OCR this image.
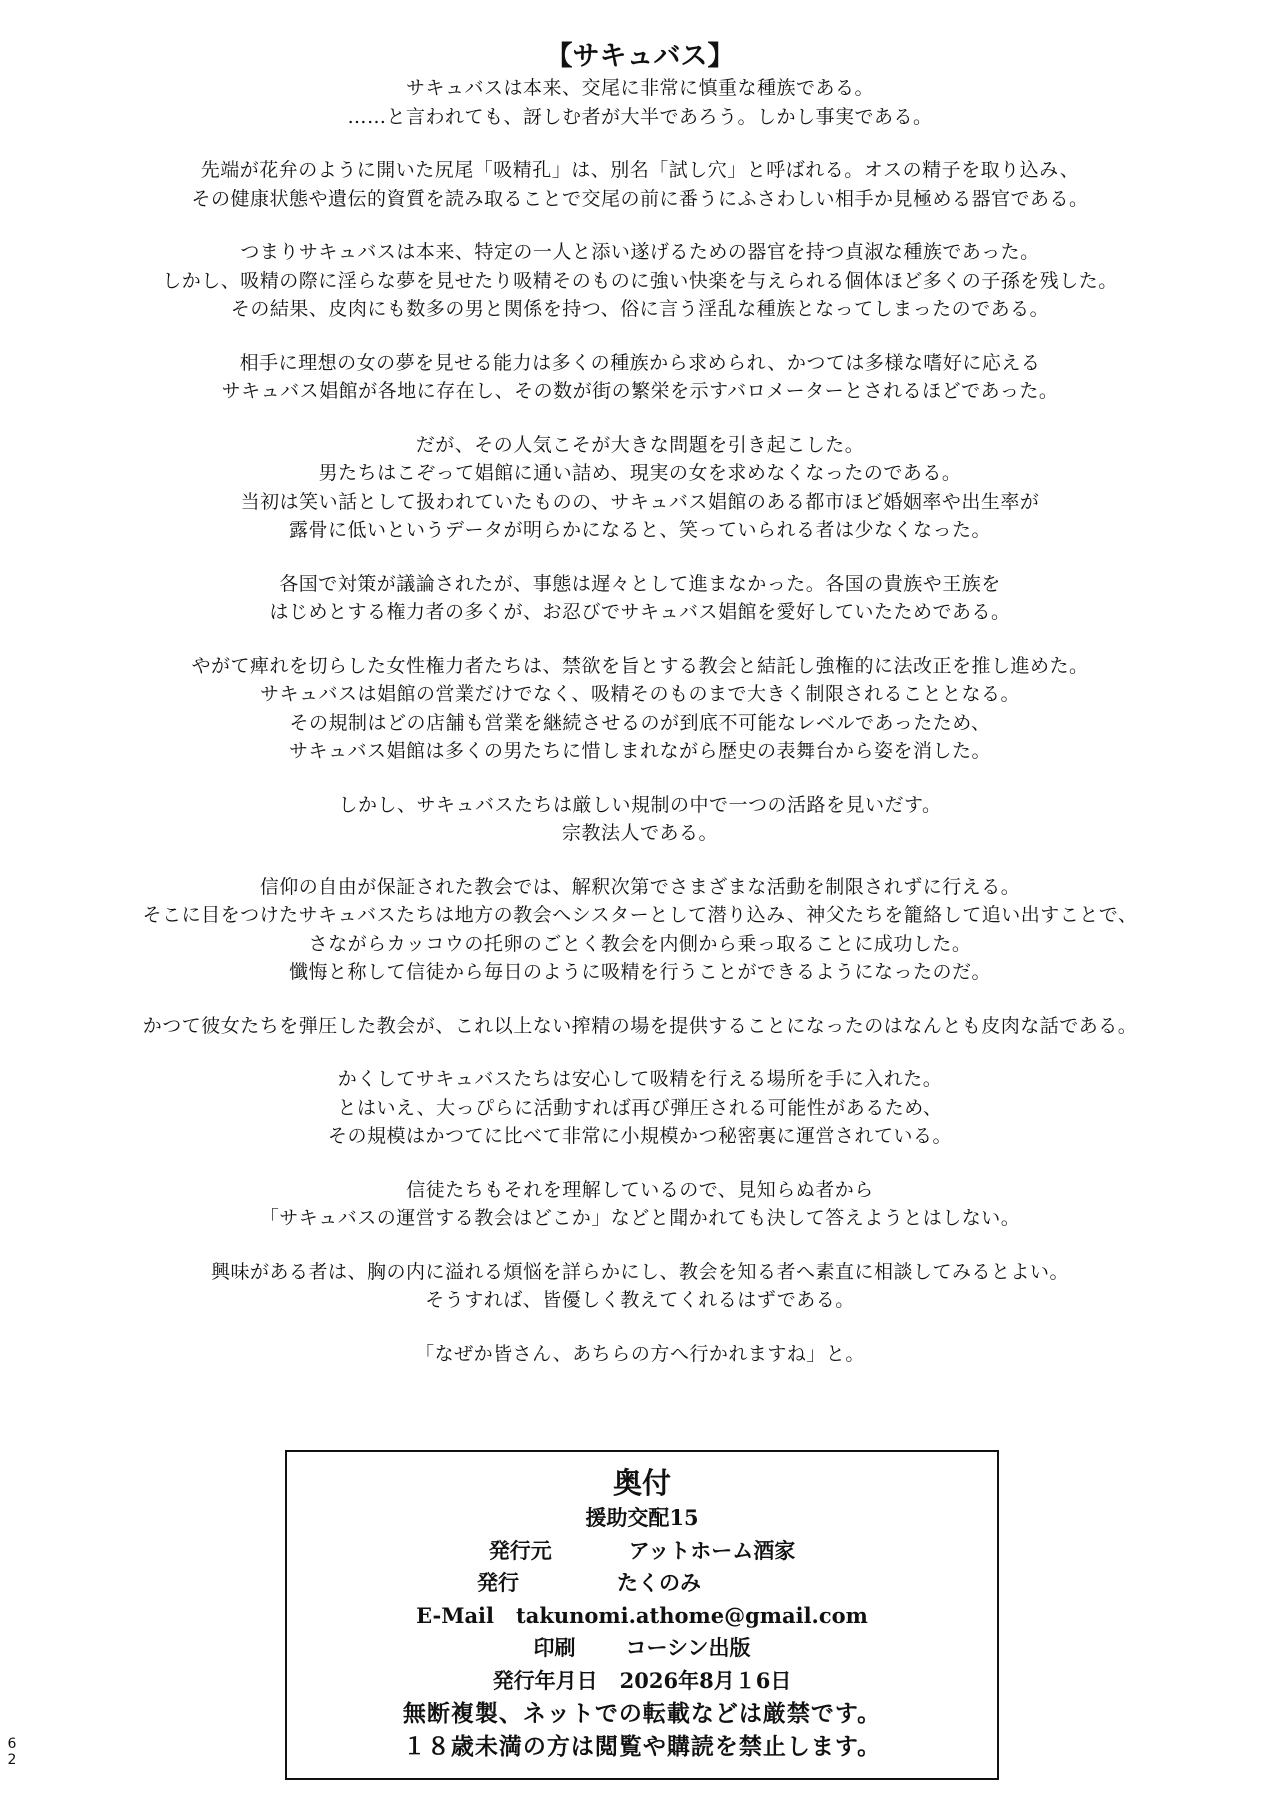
【サキュバス】
サキュバスは本来、交尾に非常に慎重な種族である。
……と言われても、訝しむ者が大半であろう。しかし事実である。
先端が花弁のように開いた尻尾「吸精孔」は、別名「試し穴」と呼ばれる。オスの精子を取り込み、
その健康状態や遺伝的資質を読み取ることで交尾の前に番うにふさわしい相手か見極める器官である。
つまりサキュバスは本来、特定の一人と添い遂げるための器官を持つ貞淑な種族であった。
しかし、吸精の際に淫らな夢を見せたり吸精そのものに強い快楽を与えられる個体ほど多くの子孫を残した。
その結果、皮肉にも数多の男と関係を持つ、俗に言う淫乱な種族となってしまったのである。
相手に理想の女の夢を見せる能力は多くの種族から求められ、かつては多様な嗜好に応える
サキュバス娼館が各地に存在し、その数が街の繁栄を示すバロメーターとされるほどであった。
だが、その人気こそが大きな問題を引き起こした。
男たちはこぞって娼館に通い詰め、現実の女を求めなくなったのである。
当初は笑い話として扱われていたものの、サキュバス娼館のある都市ほど婚姻率や出生率が
露骨に低いというデータが明らかになると、笑っていられる者は少なくなった。
各国で対策が議論されたが、事態は遅々として進まなかった。各国の貴族や王族を
はじめとする権力者の多くが、お忍びでサキュバス娼館を愛好していたためである。
やがて痺れを切らした女性権力者たちは、禁欲を旨とする教会と結託し強権的に法改正を推し進めた。
サキュバスは娼館の営業だけでなく、吸精そのものまで大きく制限されることとなる。
その規制はどの店舗も営業を継続させるのが到底不可能なレベルであったため、
サキュバス娼館は多くの男たちに惜しまれながら歴史の表舞台から姿を消した。
しかし、サキュバスたちは厳しい規制の中で一つの活路を見いだす。
宗教法人である。
信仰の自由が保証された教会では、解釈次第でさまざまな活動を制限されずに行える。
そこに目をつけたサキュバスたちは地方の教会へシスターとして潜り込み、神父たちを籠絡して追い出すことで、
さながらカッコウの托卵のごとく教会を内側から乗っ取ることに成功した。
懺悔と称して信徒から毎日のように吸精を行うことができるようになったのだ。
かつて彼女たちを弾圧した教会が、これ以上ない搾精の場を提供することになったのはなんとも皮肉な話である。
かくしてサキュバスたちは安心して吸精を行える場所を手に入れた。
とはいえ、大っぴらに活動すれば再び弾圧される可能性があるため、
その規模はかつてに比べて非常に小規模かつ秘密裏に運営されている。
信徒たちもそれを理解しているので、見知らぬ者から
「サキュバスの運営する教会はどこか」などと聞かれても決して答えようとはしない。
興味がある者は、胸の内に溢れる煩悩を詳らかにし、教会を知る者へ素直に相談してみるとよい。
そうすれば、皆優しく教えてくれるはずである。
「なぜか皆さん、あちらの方へ行かれますね」と。
奥付
援助交配15
発行元	アットホーム酒家
発行	たくのみ
E-Mail takunomi.athome@gmail.com
印刷 コーシン出版
発行年月日 2026年8月１6日
無断複製、ネットでの転載などは厳禁です。
１８歳未満の方は閲覧や購読を禁止します。
6
2
